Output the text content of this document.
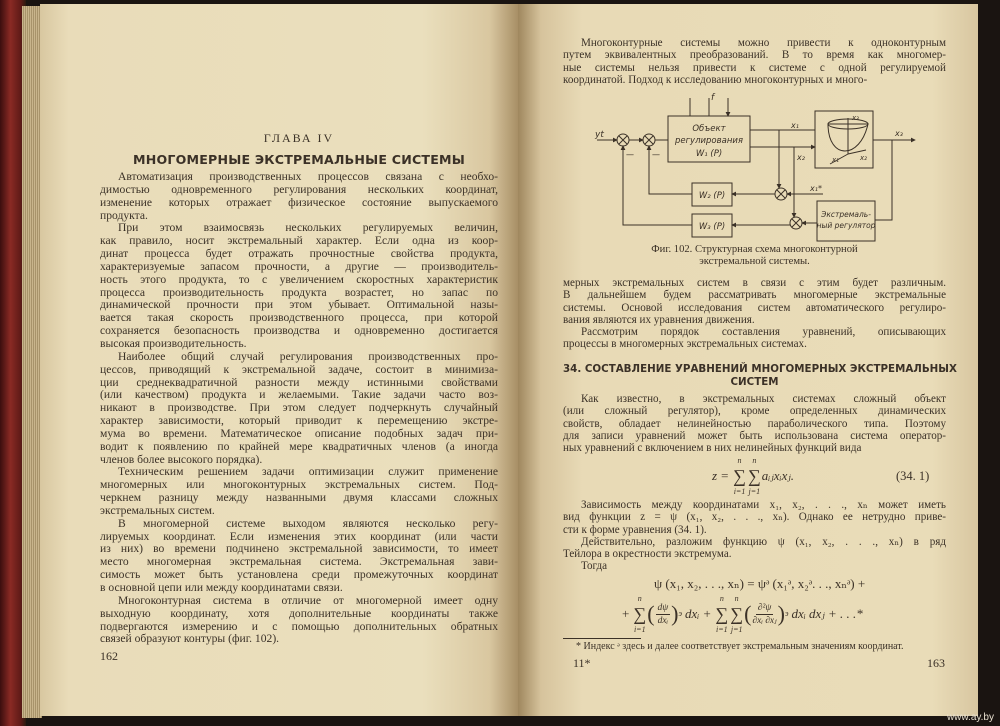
ГЛАВА IV
МНОГОМЕРНЫЕ ЭКСТРЕМАЛЬНЫЕ СИСТЕМЫ
Автоматизация производственных процессов связана с необхо-
димостью одновременного регулирования нескольких координат,
изменение которых отражает физическое состояние выпускаемого
продукта.
При этом взаимосвязь нескольких регулируемых величин,
как правило, носит экстремальный характер. Если одна из коор-
динат процесса будет отражать прочностные свойства продукта,
характеризуемые запасом прочности, а другие — производитель-
ность этого продукта, то с увеличением скоростных характеристик
процесса производительность продукта возрастет, но запас по
динамической прочности при этом убывает. Оптимальной назы-
вается такая скорость производственного процесса, при которой
сохраняется безопасность производства и одновременно достигается
высокая производительность.
Наиболее общий случай регулирования производственных про-
цессов, приводящий к экстремальной задаче, состоит в минимиза-
ции среднеквадратичной разности между истинными свойствами
(или качеством) продукта и желаемыми. Такие задачи часто воз-
никают в производстве. При этом следует подчеркнуть случайный
характер зависимости, который приводит к перемещению экстре-
мума во времени. Математическое описание подобных задач при-
водит к появлению по крайней мере квадратичных членов (а иногда
членов более высокого порядка).
Техническим решением задачи оптимизации служит применение
многомерных или многоконтурных экстремальных систем. Под-
черкнем разницу между названными двумя классами сложных
экстремальных систем.
В многомерной системе выходом являются несколько регу-
лируемых координат. Если изменения этих координат (или части
из них) во времени подчинено экстремальной зависимости, то имеет
место многомерная экстремальная система. Экстремальная зави-
симость может быть установлена среди промежуточных координат
в основной цепи или между координатами связи.
Многоконтурная система в отличие от многомерной имеет одну
выходную координату, хотя дополнительные координаты также
подвергаются измерению и с помощью дополнительных обратных
связей образуют контуры (фиг. 102).
162
Многоконтурные системы можно привести к одноконтурным
путем эквивалентных преобразований. В то время как многомер-
ные системы нельзя привести к системе с одной регулируемой
координатой. Подход к исследованию многоконтурных и много-
yt
f
Объект
регулирования
W₁ (P)
W₂ (P)
W₃ (P)
Экстремаль-
ный регулятор
x₁
x₂
x₃
x₁*
x₃
x₁	x₂
— —
Фиг. 102. Структурная схема многоконтурной
экстремальной системы.
мерных экстремальных систем в связи с этим будет различным.
В дальнейшем будем рассматривать многомерные экстремальные
системы. Основой исследования систем автоматического регулиро-
вания являются их уравнения движения.
Рассмотрим порядок составления уравнений, описывающих
процессы в многомерных экстремальных системах.
34. СОСТАВЛЕНИЕ УРАВНЕНИЙ МНОГОМЕРНЫХ ЭКСТРЕМАЛЬНЫХ
СИСТЕМ
Как известно, в экстремальных системах сложный объект
(или сложный регулятор), кроме определенных динамических
свойств, обладает нелинейностью параболического типа. Поэтому
для записи уравнений может быть использована система оператор-
ных уравнений с включением в них нелинейных функций вида
z =
n
∑
i=1
n
∑
j=1
aᵢⱼxᵢxⱼ.	(34. 1)
Зависимость между координатами x₁, x₂, . . ., xₙ может иметь
вид функции z = ψ (x₁, x₂, . . ., xₙ). Однако ее нетрудно приве-
сти к форме уравнения (34. 1).
Действительно, разложим функцию ψ (x₁, x₂, . . ., xₙ) в ряд
Тейлора в окрестности экстремума.
Тогда
ψ (x₁, x₂, . . ., xₙ) = ψᵊ (x₁ᵊ, x₂ᵊ. . ., xₙᵊ) +
+
n
∑
i=1
( $\frac{d\psi}{\text{dxᵢ}}$ ) э dxᵢ +
n
∑
i=1
n
∑
j=1
( $\frac{\text{∂²ψ}}{\text{∂xᵢ ∂xⱼ}}$ ) э dxᵢ dxⱼ + . . .*
* Индекс ᵊ здесь и далее соответствует экстремальным значениям координат.
11*	163
www.ay.by
